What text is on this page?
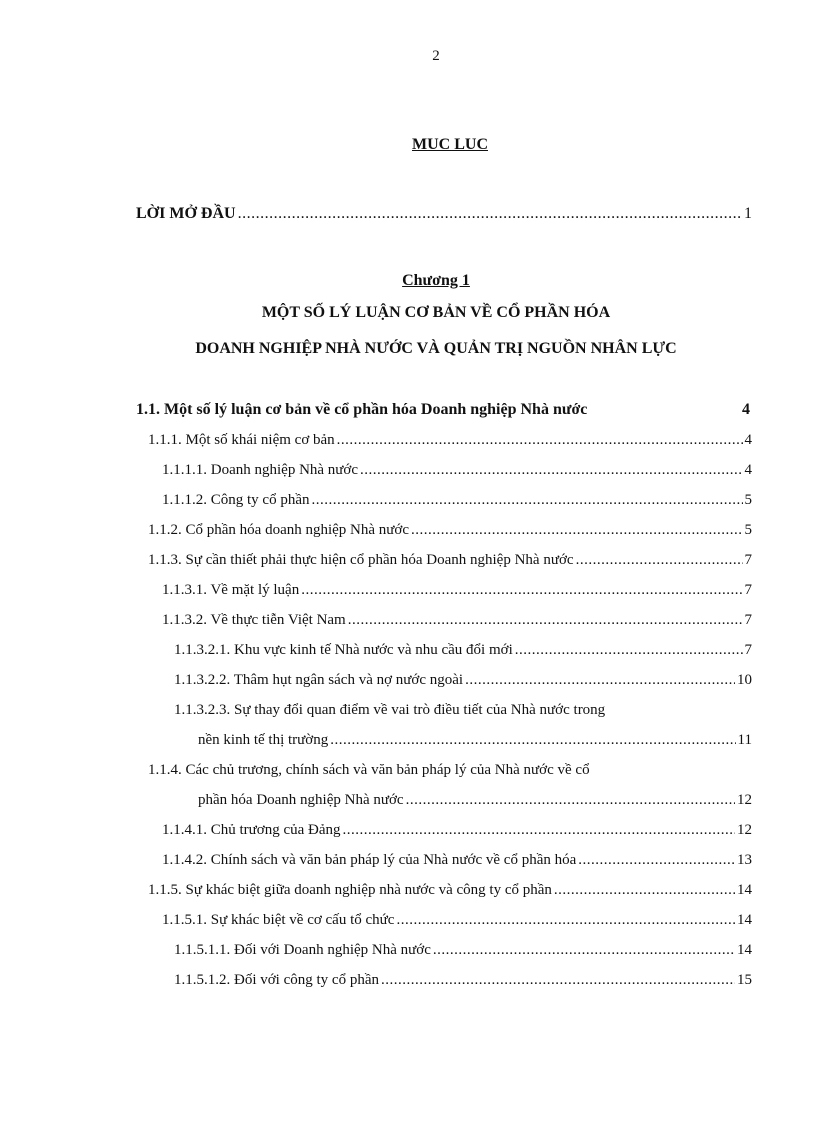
2
MUC LUC
LỜI MỞ ĐẦU .....	1
Chương 1
MỘT SỐ LÝ LUẬN CƠ BẢN VỀ CỔ PHẦN HÓA
DOANH NGHIỆP NHÀ NƯỚC VÀ QUẢN TRỊ NGUỒN NHÂN LỰC
1.1. Một số lý luận cơ bản về cổ phần hóa Doanh nghiệp Nhà nước	4
1.1.1. Một số khái niệm cơ bản .....	4
1.1.1.1. Doanh nghiệp Nhà nước .....	4
1.1.1.2. Công ty cổ phần .....	5
1.1.2. Cổ phần hóa doanh nghiệp Nhà nước .....	5
1.1.3. Sự cần thiết phải thực hiện cổ phần hóa Doanh nghiệp Nhà nước .....	7
1.1.3.1. Về mặt lý luận .....	7
1.1.3.2. Về thực tiễn Việt Nam .....	7
1.1.3.2.1. Khu vực kinh tế Nhà nước và nhu cầu đổi mới .....	7
1.1.3.2.2. Thâm hụt ngân sách và nợ nước ngoài .....	10
1.1.3.2.3. Sự thay đổi quan điểm về vai trò điều tiết của Nhà nước trong
nền kinh tế thị trường .....	11
1.1.4. Các chủ trương, chính sách và văn bản pháp lý của Nhà nước về cổ
phần hóa Doanh nghiệp Nhà nước .....	12
1.1.4.1. Chủ trương của Đảng .....	12
1.1.4.2. Chính sách và văn bản pháp lý của Nhà nước về cổ phần hóa .....	13
1.1.5. Sự khác biệt giữa doanh nghiệp nhà nước và công ty cổ phần .....	14
1.1.5.1. Sự khác biệt về cơ cấu tổ chức .....	14
1.1.5.1.1. Đối với Doanh nghiệp Nhà nước .....	14
1.1.5.1.2. Đối với công ty cổ phần .....	15
